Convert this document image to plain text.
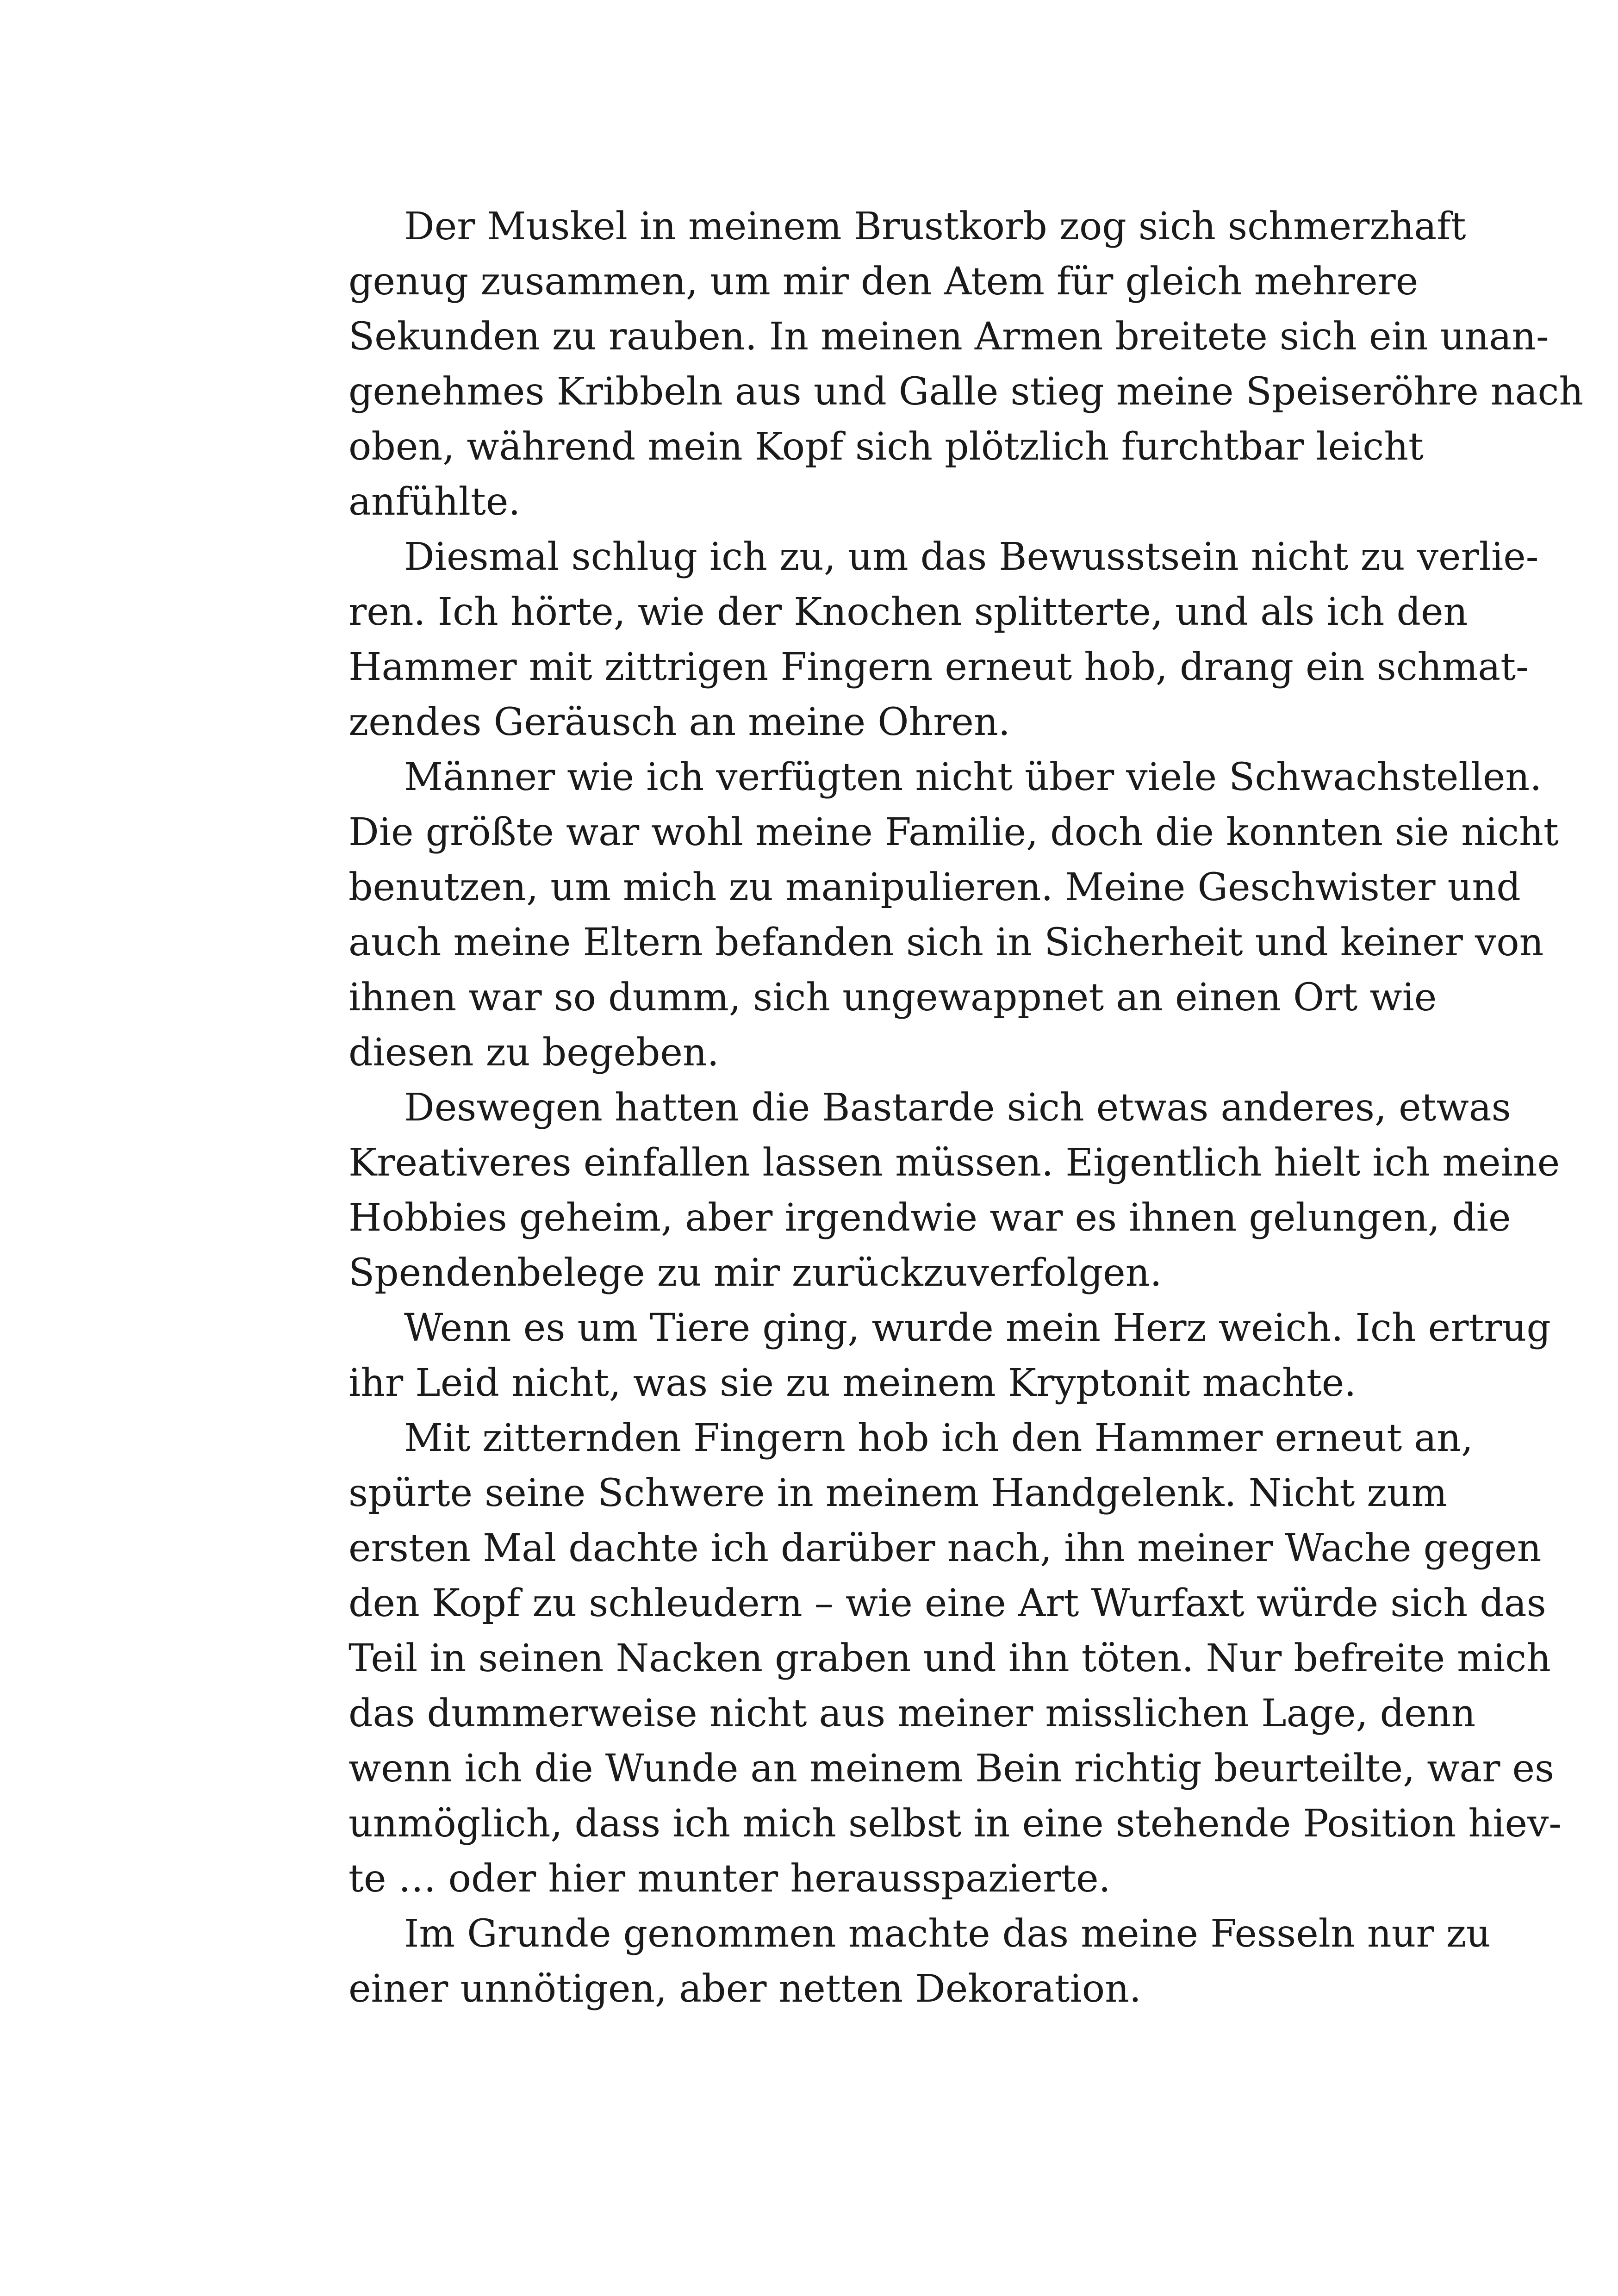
Der Muskel in meinem Brustkorb zog sich schmerzhaft
genug zusammen, um mir den Atem für gleich mehrere
Sekunden zu rauben. In meinen Armen breitete sich ein unan-
genehmes Kribbeln aus und Galle stieg meine Speiseröhre nach
oben, während mein Kopf sich plötzlich furchtbar leicht
anfühlte.
Diesmal schlug ich zu, um das Bewusstsein nicht zu verlie-
ren. Ich hörte, wie der Knochen splitterte, und als ich den
Hammer mit zittrigen Fingern erneut hob, drang ein schmat-
zendes Geräusch an meine Ohren.
Männer wie ich verfügten nicht über viele Schwachstellen.
Die größte war wohl meine Familie, doch die konnten sie nicht
benutzen, um mich zu manipulieren. Meine Geschwister und
auch meine Eltern befanden sich in Sicherheit und keiner von
ihnen war so dumm, sich ungewappnet an einen Ort wie
diesen zu begeben.
Deswegen hatten die Bastarde sich etwas anderes, etwas
Kreativeres einfallen lassen müssen. Eigentlich hielt ich meine
Hobbies geheim, aber irgendwie war es ihnen gelungen, die
Spendenbelege zu mir zurückzuverfolgen.
Wenn es um Tiere ging, wurde mein Herz weich. Ich ertrug
ihr Leid nicht, was sie zu meinem Kryptonit machte.
Mit zitternden Fingern hob ich den Hammer erneut an,
spürte seine Schwere in meinem Handgelenk. Nicht zum
ersten Mal dachte ich darüber nach, ihn meiner Wache gegen
den Kopf zu schleudern – wie eine Art Wurfaxt würde sich das
Teil in seinen Nacken graben und ihn töten. Nur befreite mich
das dummerweise nicht aus meiner misslichen Lage, denn
wenn ich die Wunde an meinem Bein richtig beurteilte, war es
unmöglich, dass ich mich selbst in eine stehende Position hiev-
te … oder hier munter herausspazierte.
Im Grunde genommen machte das meine Fesseln nur zu
einer unnötigen, aber netten Dekoration.
